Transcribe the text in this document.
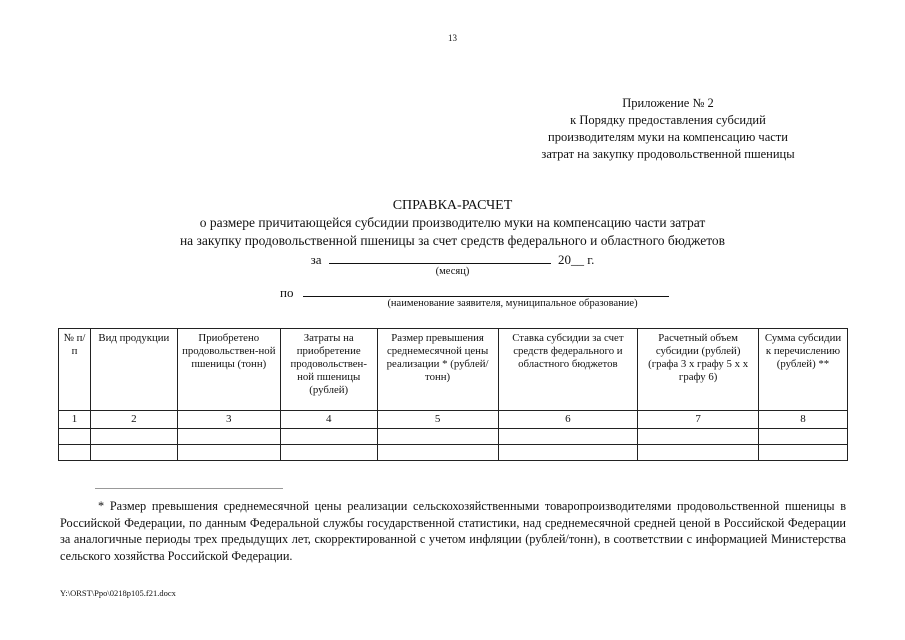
13
Приложение № 2
к Порядку предоставления субсидий
производителям муки на компенсацию части
затрат на закупку продовольственной пшеницы
СПРАВКА-РАСЧЕТ
о размере причитающейся субсидии производителю муки на компенсацию части затрат
на закупку продовольственной пшеницы за счет средств федерального и областного бюджетов
за	20__ г.
(месяц)
по
(наименование заявителя, муниципальное образование)
№ п/п	Вид продукции	Приобретено продовольствен-ной пшеницы (тонн)	Затраты на приобретение продовольствен-ной пшеницы (рублей)	Размер превышения среднемесячной цены реализации * (рублей/тонн)	Ставка субсидии за счет средств федерального и областного бюджетов	Расчетный объем субсидии (рублей) (графа 3 х графу 5 х х графу 6)	Сумма субсидии к перечислению (рублей) **
1	2	3	4	5	6	7	8

* Размер превышения среднемесячной цены реализации сельскохозяйственными товаропроизводителями продовольственной пшеницы в Российской Федерации, по данным Федеральной службы государственной статистики, над среднемесячной средней ценой в Российской Федерации за аналогичные периоды трех предыдущих лет, скорректированной с учетом инфляции (рублей/тонн), в соответствии с информацией Министерства сельского хозяйства Российской Федерации.
Y:\ORST\Ppo\0218p105.f21.docx
